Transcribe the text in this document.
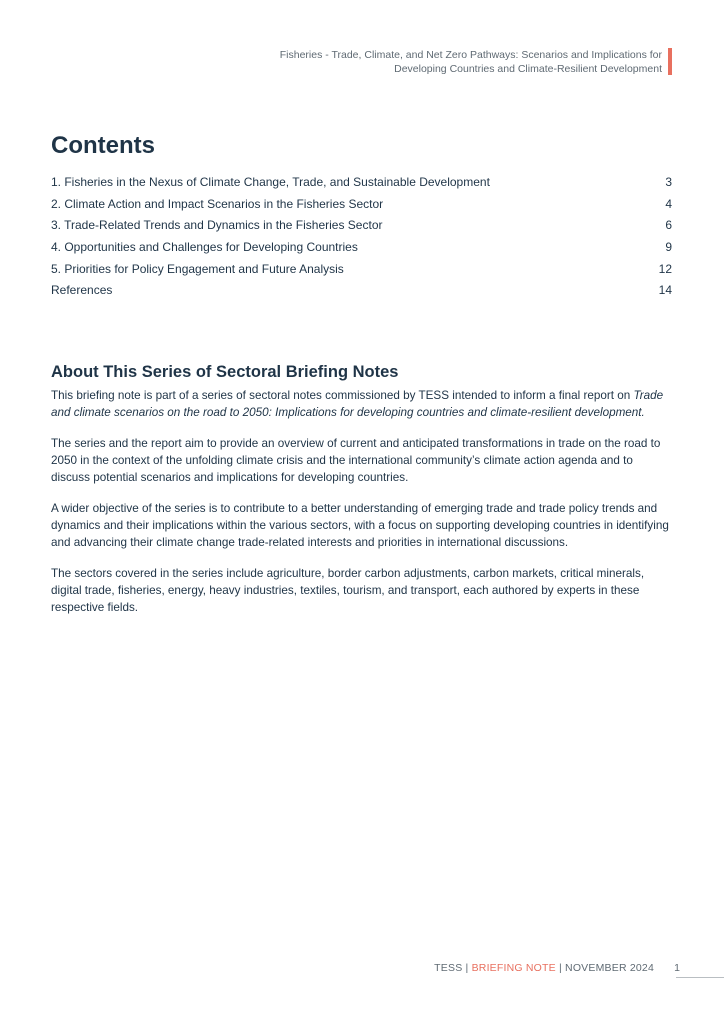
Fisheries - Trade, Climate, and Net Zero Pathways: Scenarios and Implications for
Developing Countries and Climate-Resilient Development
Contents
1. Fisheries in the Nexus of Climate Change, Trade, and Sustainable Development	3
2. Climate Action and Impact Scenarios in the Fisheries Sector	4
3. Trade-Related Trends and Dynamics in the Fisheries Sector	6
4. Opportunities and Challenges for Developing Countries	9
5. Priorities for Policy Engagement and Future Analysis	12
References	14
About This Series of Sectoral Briefing Notes

This briefing note is part of a series of sectoral notes commissioned by TESS intended to inform a final report on Trade and climate scenarios on the road to 2050: Implications for developing countries and climate-resilient development.

The series and the report aim to provide an overview of current and anticipated transformations in trade on the road to 2050 in the context of the unfolding climate crisis and the international community’s climate action agenda and to discuss potential scenarios and implications for developing countries.

A wider objective of the series is to contribute to a better understanding of emerging trade and trade policy trends and dynamics and their implications within the various sectors, with a focus on supporting developing countries in identifying and advancing their climate change trade-related interests and priorities in international discussions.

The sectors covered in the series include agriculture, border carbon adjustments, carbon markets, critical minerals, digital trade, fisheries, energy, heavy industries, textiles, tourism, and transport, each authored by experts in these respective fields.

TESS | BRIEFING NOTE | NOVEMBER 2024 1
